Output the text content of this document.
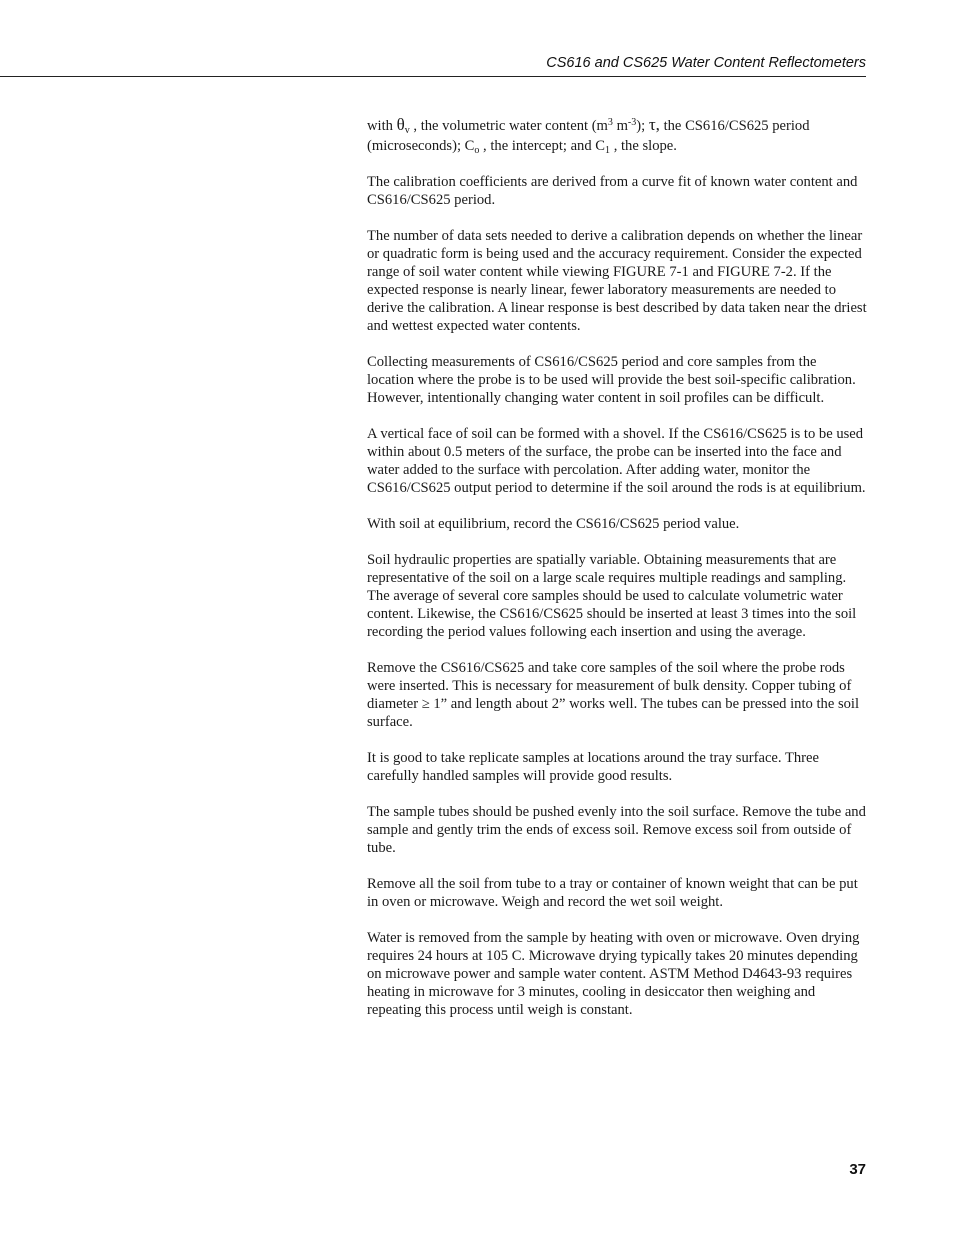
CS616 and CS625 Water Content Reflectometers

with $\theta_v$ , the volumetric water content ($m^3$ $m^{-3}$); τ, the CS616/CS625 period (microseconds); $C_o$ , the intercept; and $C_1$ , the slope.

The calibration coefficients are derived from a curve fit of known water content and CS616/CS625 period.

The number of data sets needed to derive a calibration depends on whether the linear or quadratic form is being used and the accuracy requirement. Consider the expected range of soil water content while viewing FIGURE 7-1 and FIGURE 7-2. If the expected response is nearly linear, fewer laboratory measurements are needed to derive the calibration. A linear response is best described by data taken near the driest and wettest expected water contents.

Collecting measurements of CS616/CS625 period and core samples from the location where the probe is to be used will provide the best soil-specific calibration. However, intentionally changing water content in soil profiles can be difficult.

A vertical face of soil can be formed with a shovel. If the CS616/CS625 is to be used within about 0.5 meters of the surface, the probe can be inserted into the face and water added to the surface with percolation. After adding water, monitor the CS616/CS625 output period to determine if the soil around the rods is at equilibrium.

With soil at equilibrium, record the CS616/CS625 period value.

Soil hydraulic properties are spatially variable. Obtaining measurements that are representative of the soil on a large scale requires multiple readings and sampling. The average of several core samples should be used to calculate volumetric water content. Likewise, the CS616/CS625 should be inserted at least 3 times into the soil recording the period values following each insertion and using the average.

Remove the CS616/CS625 and take core samples of the soil where the probe rods were inserted. This is necessary for measurement of bulk density. Copper tubing of diameter ≥ 1” and length about 2” works well. The tubes can be pressed into the soil surface.

It is good to take replicate samples at locations around the tray surface. Three carefully handled samples will provide good results.

The sample tubes should be pushed evenly into the soil surface. Remove the tube and sample and gently trim the ends of excess soil. Remove excess soil from outside of tube.

Remove all the soil from tube to a tray or container of known weight that can be put in oven or microwave. Weigh and record the wet soil weight.

Water is removed from the sample by heating with oven or microwave. Oven drying requires 24 hours at 105 C. Microwave drying typically takes 20 minutes depending on microwave power and sample water content. ASTM Method D4643-93 requires heating in microwave for 3 minutes, cooling in desiccator then weighing and repeating this process until weigh is constant.

37
